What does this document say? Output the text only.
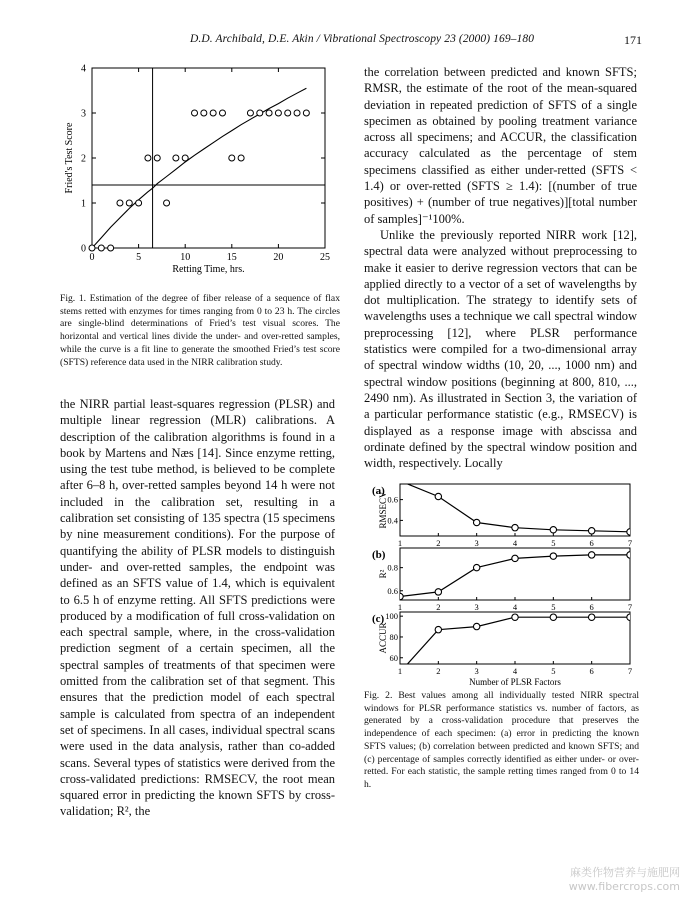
D.D. Archibald, D.E. Akin / Vibrational Spectroscopy 23 (2000) 169–180	171
0	5	10	15	20	25
0
1
2
3
4
Retting Time, hrs.
Fried's Test Score

Fig. 1. Estimation of the degree of fiber release of a sequence of flax stems retted with enzymes for times ranging from 0 to 23 h. The circles are single-blind determinations of Fried’s test visual scores. The horizontal and vertical lines divide the under- and over-retted samples, while the curve is a fit line to generate the smoothed Fried’s test score (SFTS) reference data used in the NIRR calibration study.

the NIRR partial least-squares regression (PLSR) and multiple linear regression (MLR) calibrations. A description of the calibration algorithms is found in a book by Martens and Næs [14]. Since enzyme retting, using the test tube method, is believed to be complete after 6–8 h, over-retted samples beyond 14 h were not included in the calibration set, resulting in a calibration set consisting of 135 spectra (15 specimens by nine measurement conditions). For the purpose of quantifying the ability of PLSR models to distinguish under- and over-retted samples, the endpoint was defined as an SFTS value of 1.4, which is equivalent to 6.5 h of enzyme retting. All SFTS predictions were produced by a modification of full cross-validation on each spectral sample, where, in the cross-validation prediction segment of a certain specimen, all the spectral samples of treatments of that specimen were omitted from the calibration set of that segment. This ensures that the prediction model of each spectral sample is calculated from spectra of an independent set of specimens. In all cases, individual spectral scans were used in the data analysis, rather than co-added scans. Several types of statistics were derived from the cross-validated predictions: RMSECV, the root mean squared error in predicting the known SFTS by cross-validation; R², the

the correlation between predicted and known SFTS; RMSR, the estimate of the root of the mean-squared deviation in repeated prediction of SFTS of a single specimen as obtained by pooling treatment variance across all specimens; and ACCUR, the classification accuracy calculated as the percentage of stem specimens classified as either under-retted (SFTS < 1.4) or over-retted (SFTS ≥ 1.4): [(number of true positives) + (number of true negatives)][total number of samples]⁻¹100%.

Unlike the previously reported NIRR work [12], spectral data were analyzed without preprocessing to make it easier to derive regression vectors that can be applied directly to a vector of a set of wavelengths by dot multiplication. The strategy to identify sets of wavelengths uses a technique we call spectral window preprocessing [12], where PLSR performance statistics were compiled for a two-dimensional array of spectral window widths (10, 20, ..., 1000 nm) and spectral window positions (beginning at 800, 810, ..., 2490 nm). As illustrated in Section 3, the variation of a particular performance statistic (e.g., RMSECV) is displayed as a response image with abscissa and ordinate defined by the spectral window position and width, respectively. Locally

(a)
RMSECV 0.4
0.6
1	2	3	4	5	6	7
(b)
R²
0.6
0.8
1	2	3	4	5	6	7
(c)
ACCUR
60
80
100
1	2	3	4	5	6	7
Number of PLSR Factors

Fig. 2. Best values among all individually tested NIRR spectral windows for PLSR performance statistics vs. number of factors, as generated by a cross-validation procedure that preserves the independence of each specimen: (a) error in predicting the known SFTS values; (b) correlation between predicted and known SFTS; and (c) percentage of samples correctly identified as either under- or over-retted. For each statistic, the sample retting times ranged from 0 to 14 h.

麻类作物营养与施肥网
www.fibercrops.com
